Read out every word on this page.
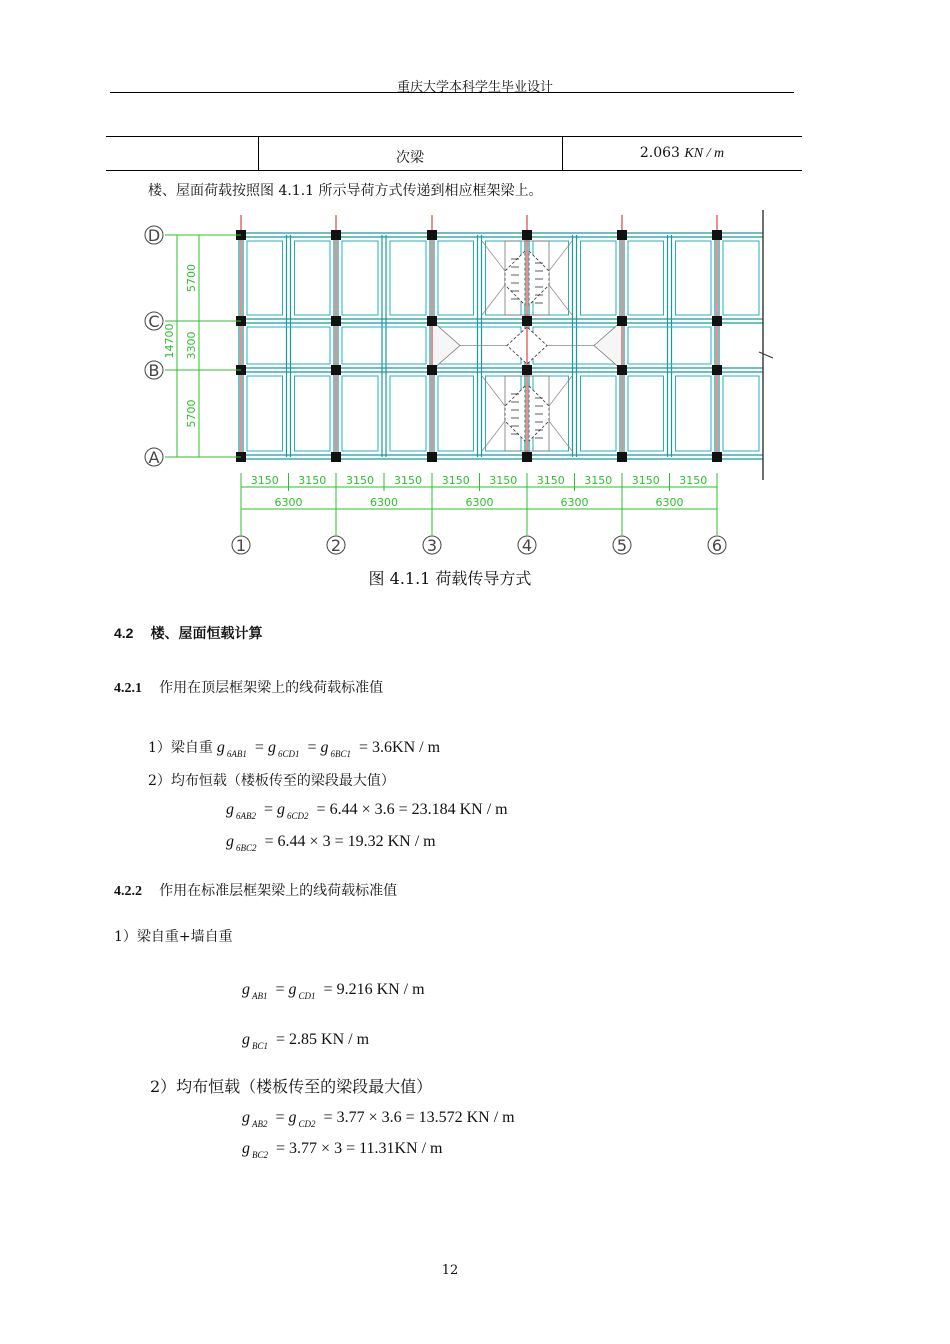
重庆大学本科学生毕业设计
次梁	2.063 KN / m
楼、屋面荷载按照图 4.1.1 所示导荷方式传递到相应框架梁上。
5700
3300
5700
14700
D
C
B
A
3150 3150 3150 3150 3150 3150 3150 3150 3150 3150
6300	6300	6300	6300	6300
1	2	3	4	5	6
图 4.1.1 荷载传导方式
4.2 楼、屋面恒载计算
4.2.1 作用在顶层框架梁上的线荷载标准值
1）梁自重 g $_{6AB1}$ = g $_{6CD1}$ = g $_{6BC1}$ = 3.6KN / m
2）均布恒载（楼板传至的梁段最大值）
g $_{6AB2}$ = g $_{6CD2}$ = 6.44 × 3.6 = 23.184 KN / m
g $_{6BC2}$ = 6.44 × 3 = 19.32 KN / m
4.2.2 作用在标准层框架梁上的线荷载标准值
1）梁自重+墙自重
g $_{AB1}$ = g $_{CD1}$ = 9.216 KN / m
g $_{BC1}$ = 2.85 KN / m
2）均布恒载（楼板传至的梁段最大值）
g $_{AB2}$ = g $_{CD2}$ = 3.77 × 3.6 = 13.572 KN / m
g $_{BC2}$ = 3.77 × 3 = 11.31KN / m
12
